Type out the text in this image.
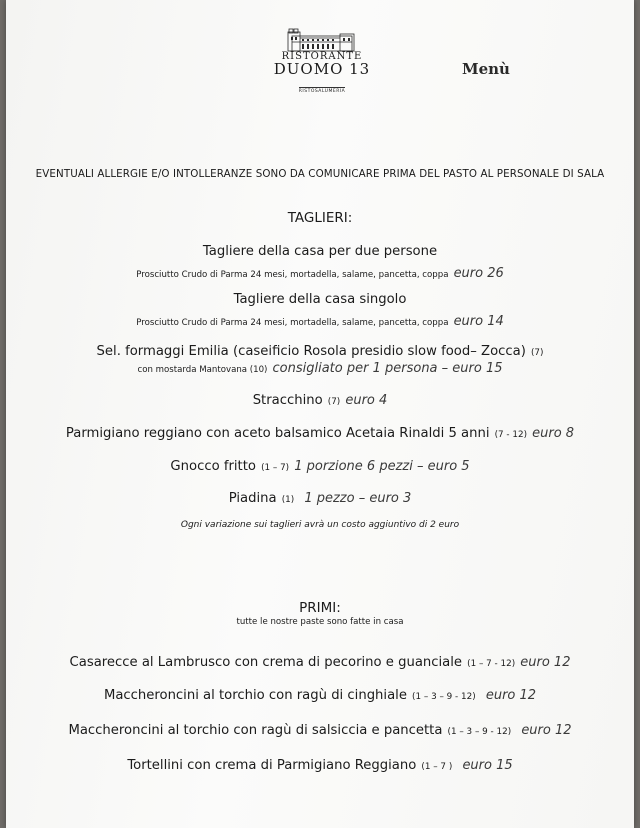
RISTORANTE
DUOMO 13
RISTOSALUMERIA
Menù
EVENTUALI ALLERGIE E/O INTOLLERANZE SONO DA COMUNICARE PRIMA DEL PASTO AL PERSONALE DI SALA
TAGLIERI:
Tagliere della casa per due persone
Prosciutto Crudo di Parma 24 mesi, mortadella, salame, pancetta, coppa euro 26
Tagliere della casa singolo
Prosciutto Crudo di Parma 24 mesi, mortadella, salame, pancetta, coppa euro 14
Sel. formaggi Emilia (caseificio Rosola presidio slow food– Zocca) (7)
con mostarda Mantovana (10) consigliato per 1 persona – euro 15
Stracchino (7) euro 4
Parmigiano reggiano con aceto balsamico Acetaia Rinaldi 5 anni (7 - 12) euro 8
Gnocco fritto (1 – 7) 1 porzione 6 pezzi – euro 5
Piadina (1) 1 pezzo – euro 3
Ogni variazione sui taglieri avrà un costo aggiuntivo di 2 euro
PRIMI:
tutte le nostre paste sono fatte in casa
Casarecce al Lambrusco con crema di pecorino e guanciale (1 – 7 - 12) euro 12
Maccheroncini al torchio con ragù di cinghiale (1 – 3 – 9 - 12) euro 12
Maccheroncini al torchio con ragù di salsiccia e pancetta (1 – 3 – 9 - 12) euro 12
Tortellini con crema di Parmigiano Reggiano (1 – 7 ) euro 15
